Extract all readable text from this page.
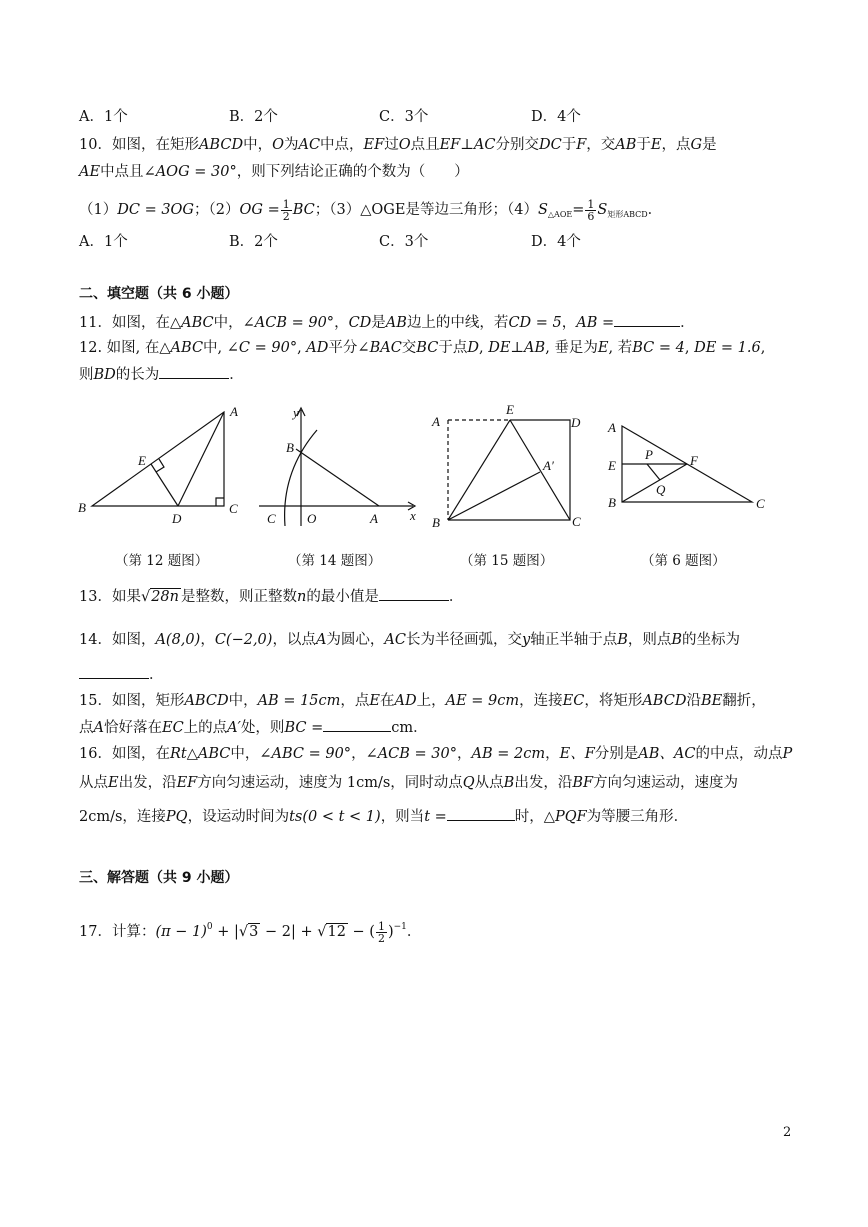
A．1个	B．2个	C．3个	D．4个
10．如图，在矩形ABCD中，O为AC中点，EF过O点且EF⊥AC分别交DC于F，交AB于E，点G是
AE中点且∠AOG = 30°，则下列结论正确的个数为（　　）
（1）DC = 3OG；$(2)OG = \frac{1}{2}$ BC；（3）△OGE是等边三角形；$(4)S_{\triangle AOE}= \frac{1}{6} S_{矩形ABCD}$．
A．1个	B．2个	C．3个	D．4个
二、填空题（共 6 小题）
11．如图，在△ABC中，∠ACB = 90°，CD是AB边上的中线，若CD = 5，AB =	．
12. 如图, 在△ABC中, ∠C = 90°, AD平分∠BAC交BC于点D, DE⊥AB, 垂足为E, 若BC = 4, DE = 1.6,
则BD的长为	．
A
B	C
D
E
（第 12 题图）
y
B
C O	A x
（第 14 题图）
A
E
D
A′
B	C
（第 15 题图）
A
E
P	F
Q
B	C
（第 6 题图）
13．如果√28n 是整数，则正整数n的最小值是	．
14．如图，A(8,0)，C(−2,0)，以点A为圆心，AC长为半径画弧，交y轴正半轴于点B，则点B的坐标为
．
15．如图，矩形ABCD中，AB = 15cm，点E在AD上，AE = 9cm，连接EC，将矩形ABCD沿BE翻折，
点A恰好落在EC上的点A′处，则BC =	cm．
16．如图，在Rt△ABC中，∠ABC = 90°，∠ACB = 30°，AB = 2cm，E、F分别是AB、AC的中点，动点P
从点E出发，沿EF方向匀速运动，速度为 1cm/s，同时动点Q从点B出发，沿BF方向匀速运动，速度为
2cm/s，连接PQ，设运动时间为ts(0 < t < 1)，则当t =	时，△PQF为等腰三角形．
三、解答题（共 9 小题）
17．计算：$(\pi - 1)^0 + |√3 - 2| + √12$ − ( $\frac{1}{2} )^{-1}$．
2
